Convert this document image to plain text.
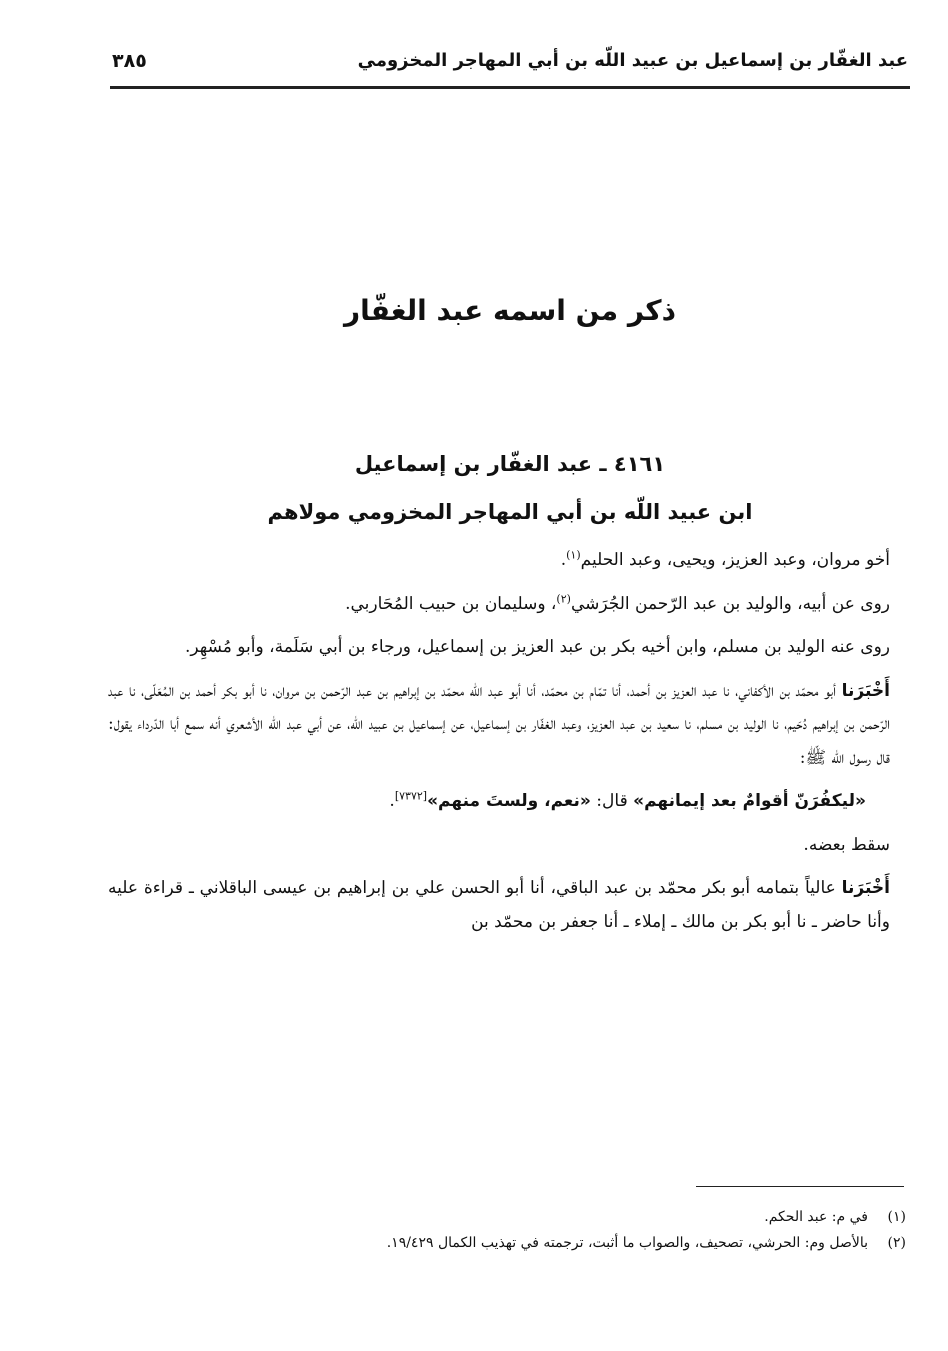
عبد الغفّار بن إسماعيل بن عبيد اللّه بن أبي المهاجر المخزومي
٣٨٥
ذكر من اسمه عبد الغفّار
٤١٦١ ـ عبد الغفّار بن إسماعيل
ابن عبيد اللّه بن أبي المهاجر المخزومي مولاهم

أخو مروان، وعبد العزيز، ويحيى، وعبد الحليم$^{(١)}$.

روى عن أبيه، والوليد بن عبد الرّحمن الجُرَشي$^{(٢)}$، وسليمان بن حبيب المُحَاربي.

روى عنه الوليد بن مسلم، وابن أخيه بكر بن عبد العزيز بن إسماعيل، ورجاء بن أبي سَلَمة، وأبو مُسْهِر.

أَخْبَرَنا أبو محمّد بن الأكفاني، نا عبد العزيز بن أحمد، أنا تمّام بن محمّد، أنا أبو عبد اللّه محمّد بن إبراهيم بن عبد الرّحمن بن مروان، نا أبو بكر أحمد بن المُعَلّى، نا عبد الرّحمن بن إبراهيم دُحَيم، نا الوليد بن مسلم، نا سعيد بن عبد العزيز، وعبد الغفّار بن إسماعيل، عن إسماعيل بن عبيد اللّه، عن أبي عبد اللّه الأشعري أنه سمع أبا الدّرداء يقول: قال رسول اللّه ﷺ:

«ليكفُرَنّ أقوامٌ بعد إيمانهم» قال: «نعم، ولستَ منهم»[٧٣٧٢].

سقط بعضه.

أَخْبَرَنا عالياً بتمامه أبو بكر محمّد بن عبد الباقي، أنا أبو الحسن علي بن إبراهيم بن عيسى الباقلاني ـ قراءة عليه وأنا حاضر ـ نا أبو بكر بن مالك ـ إملاء ـ أنا جعفر بن محمّد بن

(١)
في م: عبد الحكم.
(٢)
بالأصل وم: الحرشي، تصحيف، والصواب ما أثبت، ترجمته في تهذيب الكمال ١٩/٤٢٩.
